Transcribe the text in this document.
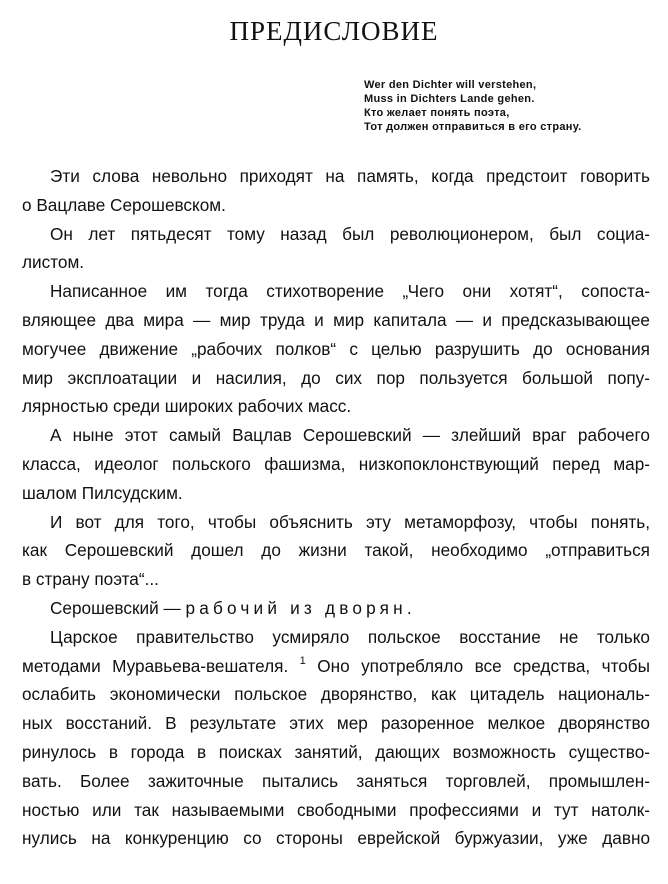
ПРЕДИСЛОВИЕ
Wer den Dichter will verstehen,
Muss in Dichters Lande gehen.
Кто желает понять поэта,
Тот должен отправиться в его страну.
Эти слова невольно приходят на память, когда предстоит говорить
о Вацлаве Серошевском.
Он лет пятьдесят тому назад был революционером, был социа-
листом.
Написанное им тогда стихотворение „Чего они хотят“, сопоста-
вляющее два мира — мир труда и мир капитала — и предсказывающее
могучее движение „рабочих полков“ с целью разрушить до основания
мир эксплоатации и насилия, до сих пор пользуется большой попу-
лярностью среди широких рабочих масс.
А ныне этот самый Вацлав Серошевский — злейший враг рабочего
класса, идеолог польского фашизма, низкопоклонствующий перед мар-
шалом Пилсудским.
И вот для того, чтобы объяснить эту метаморфозу, чтобы понять,
как Серошевский дошел до жизни такой, необходимо „отправиться
в страну поэта“...
Серошевский — рабочий из дворян.
Царское правительство усмиряло польское восстание не только
методами Муравьева-вешателя. $^1$ Оно употребляло все средства, чтобы
ослабить экономически польское дворянство, как цитадель националь-
ных восстаний. В результате этих мер разоренное мелкое дворянство
ринулось в города в поисках занятий, дающих возможность существо-
вать. Более зажиточные пытались заняться торговлей, промышлен-
ностью или так называемыми свободными профессиями и тут натолк-
нулись на конкуренцию со стороны еврейской буржуазии, уже давно
